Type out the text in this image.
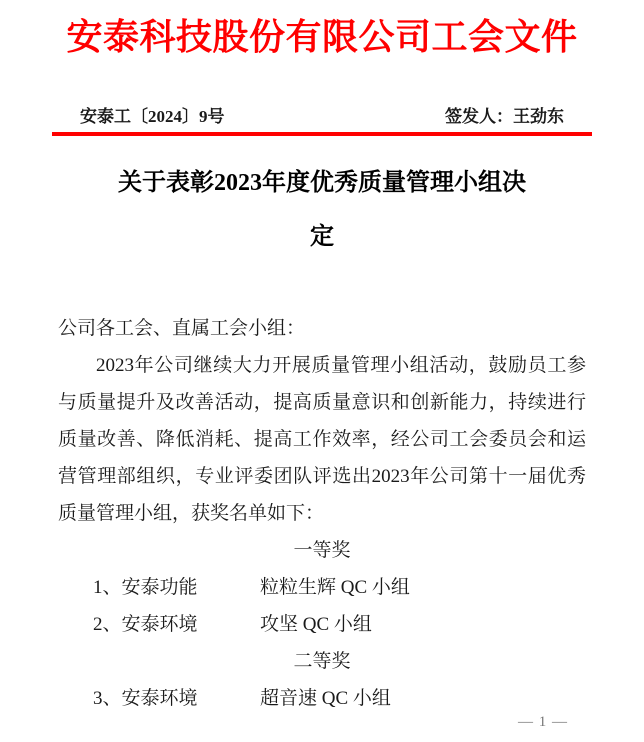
安泰科技股份有限公司工会文件
安泰工〔2024〕9号	签发人：王劲东
关于表彰2023年度优秀质量管理小组决
定
公司各工会、直属工会小组：
2023年公司继续大力开展质量管理小组活动，鼓励员工参
与质量提升及改善活动，提高质量意识和创新能力，持续进行
质量改善、降低消耗、提高工作效率，经公司工会委员会和运
营管理部组织，专业评委团队评选出2023年公司第十一届优秀
质量管理小组，获奖名单如下：
一等奖
1、安泰功能	粒粒生辉 QC 小组
2、安泰环境	攻坚 QC 小组
二等奖
3、安泰环境	超音速 QC 小组
— 1 —
